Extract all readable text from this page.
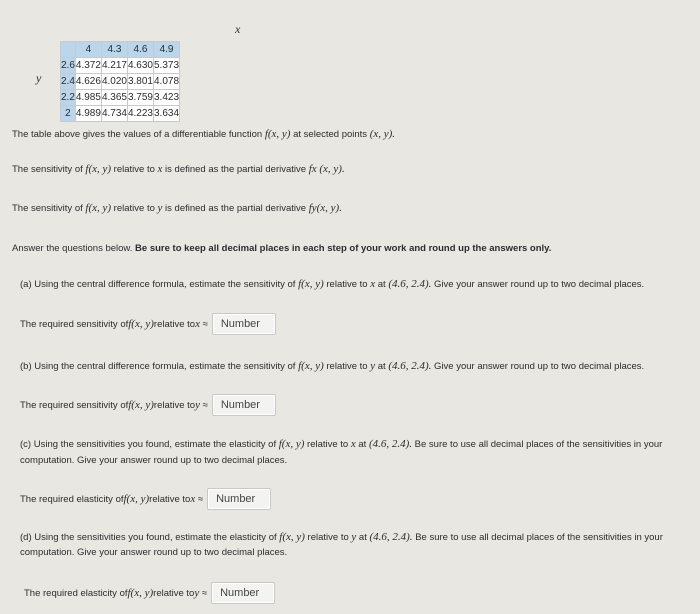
x
y
	4	4.3	4.6	4.9
2.6	4.372	4.217	4.630	5.373
2.4	4.626	4.020	3.801	4.078
2.2	4.985	4.365	3.759	3.423
2	4.989	4.734	4.223	3.634
The table above gives the values of a differentiable function f(x, y) at selected points (x, y).
The sensitivity of f(x, y) relative to x is defined as the partial derivative fx (x, y).
The sensitivity of f(x, y) relative to y is defined as the partial derivative fy(x, y).
Answer the questions below. Be sure to keep all decimal places in each step of your work and round up the answers only.
(a) Using the central difference formula, estimate the sensitivity of f(x, y) relative to x at (4.6, 2.4). Give your answer round up to two decimal places.
The required sensitivity of f(x, y) relative to x
≈	Number
(b) Using the central difference formula, estimate the sensitivity of f(x, y) relative to y at (4.6, 2.4). Give your answer round up to two decimal places.
The required sensitivity of f(x, y) relative to y
≈	Number
(c) Using the sensitivities you found, estimate the elasticity of f(x, y) relative to x at (4.6, 2.4). Be sure to use all decimal places of the sensitivities in your
computation. Give your answer round up to two decimal places.
The required elasticity of f(x, y) relative to x
≈	Number
(d) Using the sensitivities you found, estimate the elasticity of f(x, y) relative to y at (4.6, 2.4). Be sure to use all decimal places of the sensitivities in your
computation. Give your answer round up to two decimal places.
The required elasticity of f(x, y) relative to y
≈	Number
